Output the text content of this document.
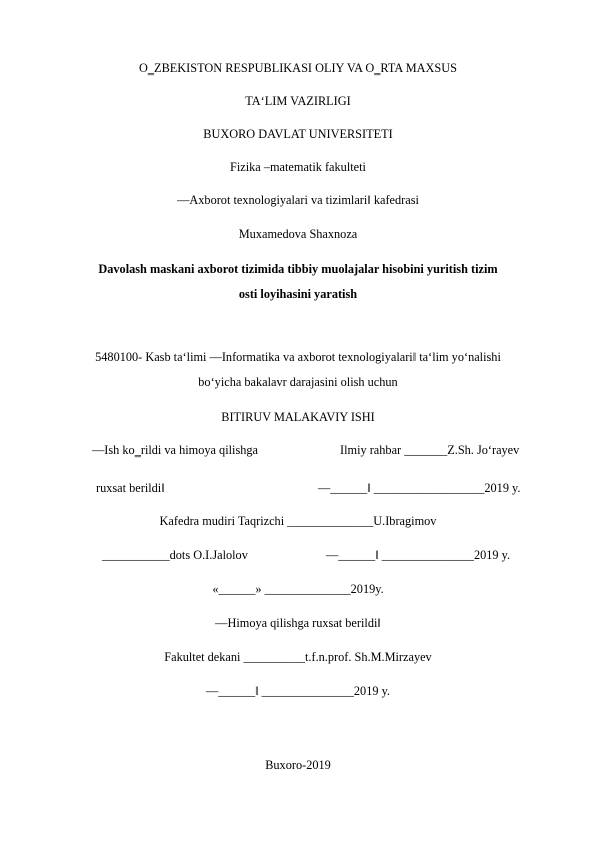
O‗ZBEKISTON RESPUBLIKASI OLIY VA O‗RTA MAXSUS
TA‘LIM VAZIRLIGI
BUXORO DAVLAT UNIVERSITETI
Fizika –matematik fakulteti
―Axborot texnologiyalari va tizimlari‖ kafedrasi
Muxamedova Shaxnoza
Davolash maskani axborot tizimida tibbiy muolajalar hisobini yuritish tizim
osti loyihasini yaratish
5480100- Kasb ta‘limi ―Informatika va axborot texnologiyalari‖ ta‘lim yo‘nalishi
bo‘yicha bakalavr darajasini olish uchun
BITIRUV MALAKAVIY ISHI
―Ish ko‗rildi va himoya qilishga	Ilmiy rahbar _______Z.Sh. Jo‘rayev
ruxsat berildi‖	―______‖ __________________2019 y.
Kafedra mudiri Taqrizchi ______________U.Ibragimov
___________dots O.I.Jalolov	―______‖ _______________2019 y.
«______» ______________2019y.
―Himoya qilishga ruxsat berildi‖
Fakultet dekani __________t.f.n.prof. Sh.M.Mirzayev
―______‖ _______________2019 y.
Buxoro-2019
